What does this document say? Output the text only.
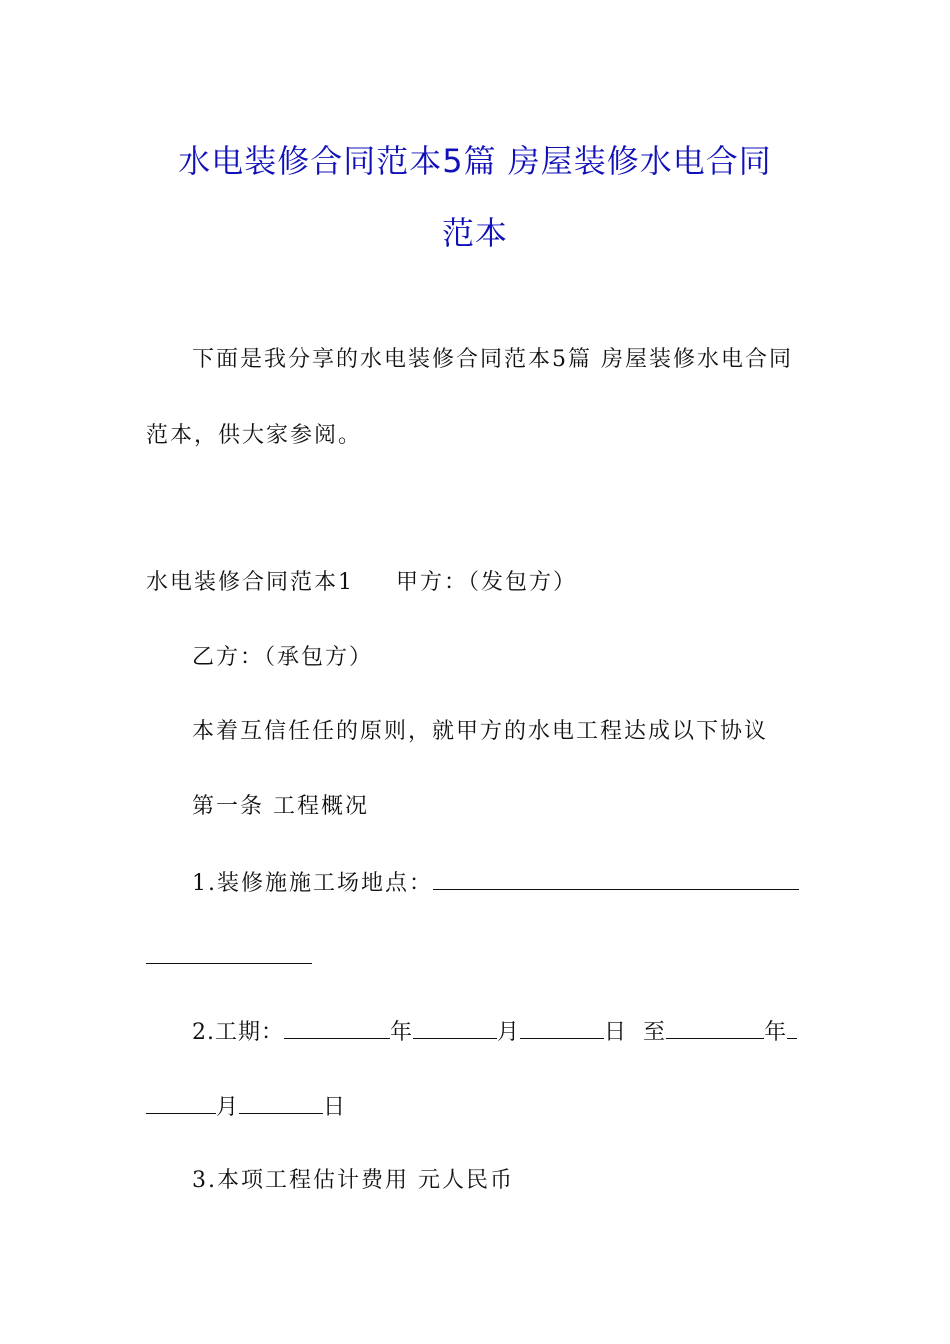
水电装修合同范本5篇 房屋装修水电合同
范本
下面是我分享的水电装修合同范本5篇 房屋装修水电合同
范本，供大家参阅。
水电装修合同范本1 甲方：（发包方）
乙方：（承包方）
本着互信任任的原则，就甲方的水电工程达成以下协议
第一条 工程概况
1.装修施施工场地点：
2.工期：	年	月	日 至	年
月	日
3.本项工程估计费用 元人民币
